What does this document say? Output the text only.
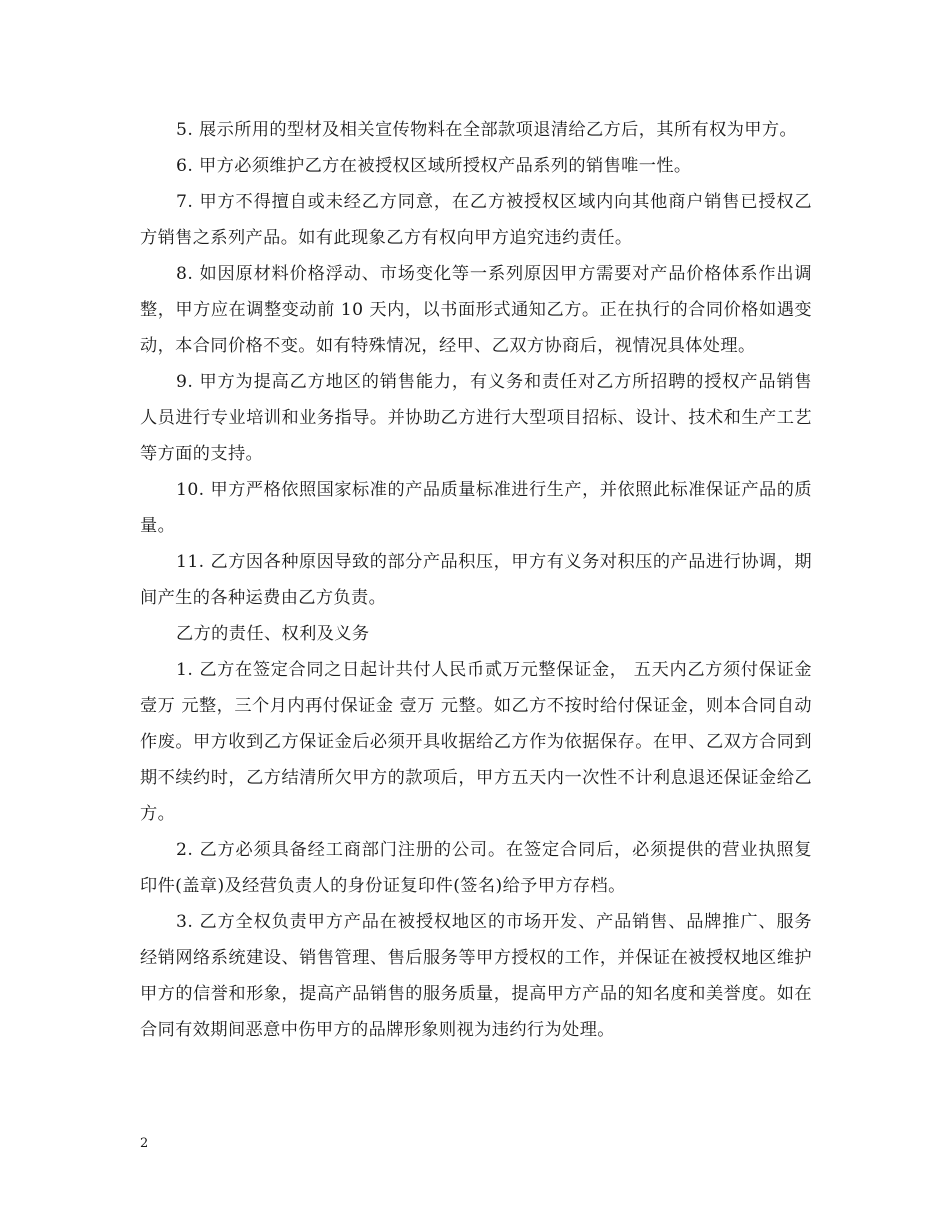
5. 展示所用的型材及相关宣传物料在全部款项退清给乙方后，其所有权为甲方。

6. 甲方必须维护乙方在被授权区域所授权产品系列的销售唯一性。

7. 甲方不得擅自或未经乙方同意，在乙方被授权区域内向其他商户销售已授权乙方销售之系列产品。如有此现象乙方有权向甲方追究违约责任。

8. 如因原材料价格浮动、市场变化等一系列原因甲方需要对产品价格体系作出调整，甲方应在调整变动前 10 天内，以书面形式通知乙方。正在执行的合同价格如遇变动，本合同价格不变。如有特殊情况，经甲、乙双方协商后，视情况具体处理。

9. 甲方为提高乙方地区的销售能力，有义务和责任对乙方所招聘的授权产品销售人员进行专业培训和业务指导。并协助乙方进行大型项目招标、设计、技术和生产工艺等方面的支持。

10. 甲方严格依照国家标准的产品质量标准进行生产，并依照此标准保证产品的质量。

11. 乙方因各种原因导致的部分产品积压，甲方有义务对积压的产品进行协调，期间产生的各种运费由乙方负责。

乙方的责任、权利及义务

1. 乙方在签定合同之日起计共付人民币贰万元整保证金， 五天内乙方须付保证金 壹万 元整，三个月内再付保证金 壹万 元整。如乙方不按时给付保证金，则本合同自动作废。甲方收到乙方保证金后必须开具收据给乙方作为依据保存。在甲、乙双方合同到期不续约时，乙方结清所欠甲方的款项后，甲方五天内一次性不计利息退还保证金给乙方。

2. 乙方必须具备经工商部门注册的公司。在签定合同后，必须提供的营业执照复印件(盖章)及经营负责人的身份证复印件(签名)给予甲方存档。

3. 乙方全权负责甲方产品在被授权地区的市场开发、产品销售、品牌推广、服务经销网络系统建设、销售管理、售后服务等甲方授权的工作，并保证在被授权地区维护甲方的信誉和形象，提高产品销售的服务质量，提高甲方产品的知名度和美誉度。如在合同有效期间恶意中伤甲方的品牌形象则视为违约行为处理。

2
